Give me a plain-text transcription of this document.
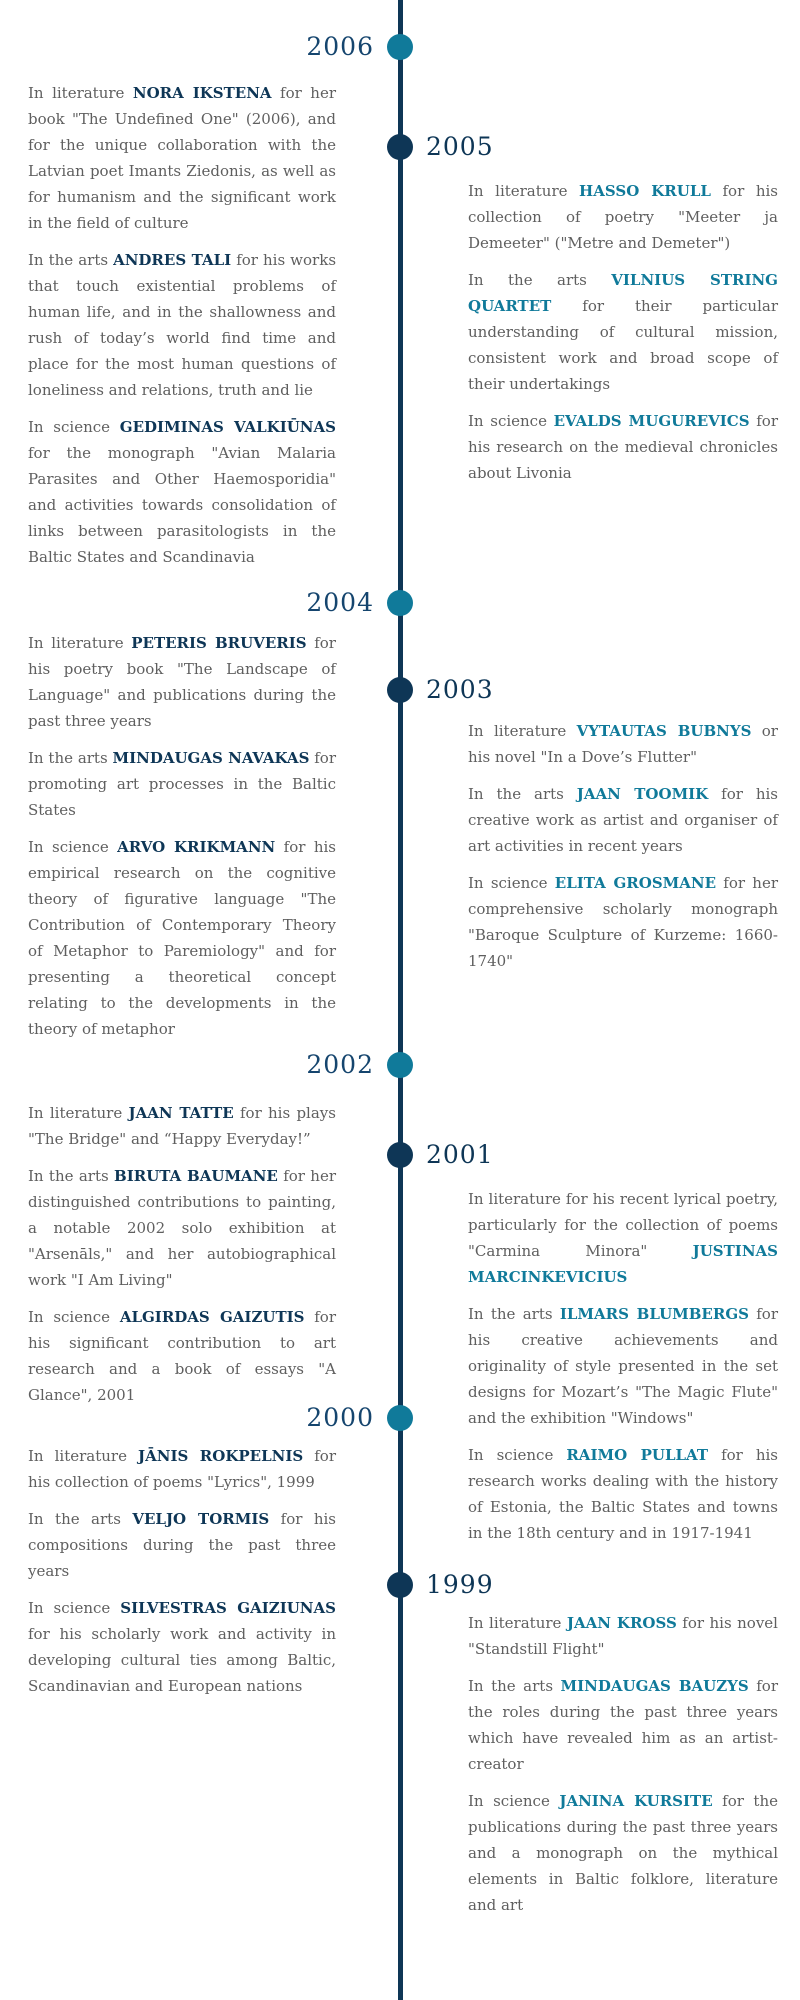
2006

In literature NORA IKSTENA for her book "The Undefined One" (2006), and for the unique collaboration with the Latvian poet Imants Ziedonis, as well as for humanism and the significant work in the field of culture

In the arts ANDRES TALI for his works that touch existential problems of human life, and in the shallowness and rush of today’s world find time and place for the most human questions of loneliness and relations, truth and lie

In science GEDIMINAS VALKIŪNAS for the monograph "Avian Malaria Parasites and Other Haemosporidia" and activities towards consolidation of links between parasitologists in the Baltic States and Scandinavia

2005

In literature HASSO KRULL for his collection of poetry "Meeter ja Demeeter" ("Metre and Demeter")

In the arts VILNIUS STRING QUARTET for their particular understanding of cultural mission, consistent work and broad scope of their undertakings

In science EVALDS MUGUREVICS for his research on the medieval chronicles about Livonia

2004

In literature PETERIS BRUVERIS for his poetry book "The Landscape of Language" and publications during the past three years

In the arts MINDAUGAS NAVAKAS for promoting art processes in the Baltic States

In science ARVO KRIKMANN for his empirical research on the cognitive theory of figurative language "The Contribution of Contemporary Theory of Metaphor to Paremiology" and for presenting a theoretical concept relating to the developments in the theory of metaphor

2003

In literature VYTAUTAS BUBNYS or his novel "In a Dove’s Flutter"

In the arts JAAN TOOMIK for his creative work as artist and organiser of art activities in recent years

In science ELITA GROSMANE for her comprehensive scholarly monograph "Baroque Sculpture of Kurzeme: 1660-1740"

2002

In literature JAAN TATTE for his plays "The Bridge" and “Happy Everyday!”

In the arts BIRUTA BAUMANE for her distinguished contributions to painting, a notable 2002 solo exhibition at "Arsenāls," and her autobiographical work "I Am Living"

In science ALGIRDAS GAIZUTIS for his significant contribution to art research and a book of essays "A Glance", 2001

2001

In literature for his recent lyrical poetry, particularly for the collection of poems "Carmina Minora" JUSTINAS MARCINKEVICIUS

In the arts ILMARS BLUMBERGS for his creative achievements and originality of style presented in the set designs for Mozart’s "The Magic Flute" and the exhibition "Windows"

In science RAIMO PULLAT for his research works dealing with the history of Estonia, the Baltic States and towns in the 18th century and in 1917-1941

2000

In literature JĀNIS ROKPELNIS for his collection of poems "Lyrics", 1999

In the arts VELJO TORMIS for his compositions during the past three years

In science SILVESTRAS GAIZIUNAS for his scholarly work and activity in developing cultural ties among Baltic, Scandinavian and European nations

1999

In literature JAAN KROSS for his novel "Standstill Flight"

In the arts MINDAUGAS BAUZYS for the roles during the past three years which have revealed him as an artist-creator

In science JANINA KURSITE for the publications during the past three years and a monograph on the mythical elements in Baltic folklore, literature and art
